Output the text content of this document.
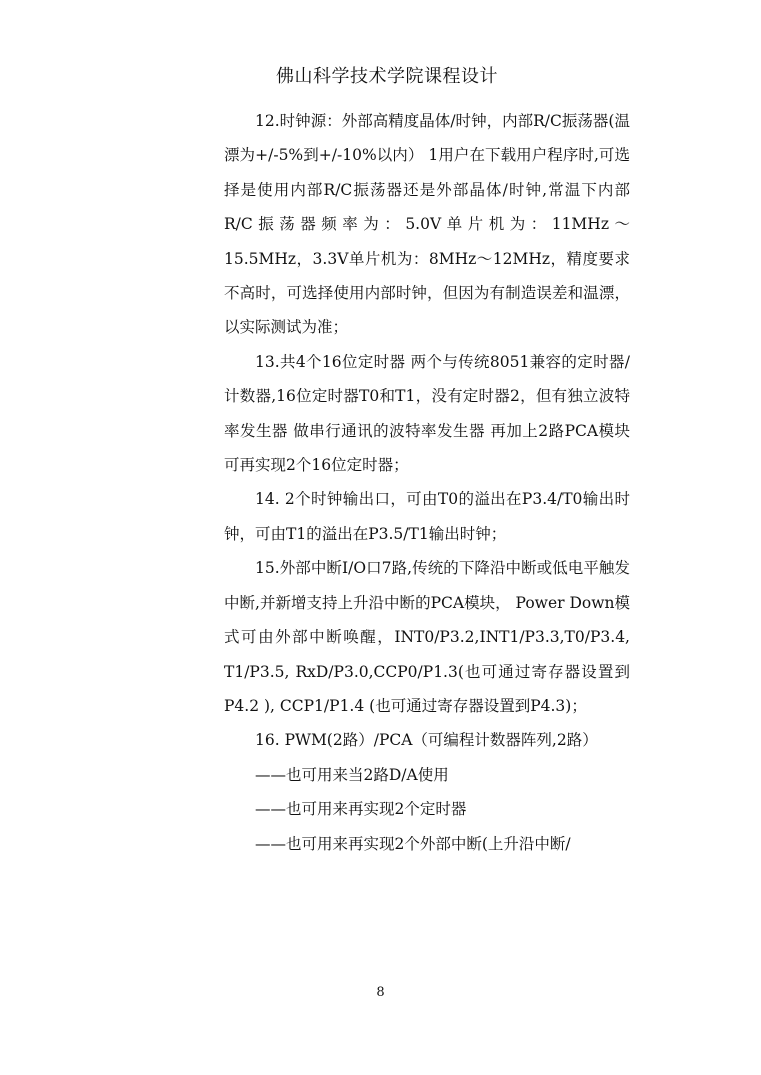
佛山科学技术学院课程设计

12.时钟源：外部高精度晶体/时钟，内部R/C振荡器(温漂为+/-5%到+/-10%以内） 1用户在下载用户程序时,可选择是使用内部R/C振荡器还是外部晶体/时钟,常温下内部R/C振荡器频率为：5.0V单片机为：11MHz～15.5MHz，3.3V单片机为：8MHz～12MHz，精度要求不高时，可选择使用内部时钟，但因为有制造误差和温漂，以实际测试为准；

13.共4个16位定时器 两个与传统8051兼容的定时器/计数器,16位定时器T0和T1，没有定时器2，但有独立波特率发生器 做串行通讯的波特率发生器 再加上2路PCA模块可再实现2个16位定时器；

14. 2个时钟输出口，可由T0的溢出在P3.4/T0输出时钟，可由T1的溢出在P3.5/T1输出时钟；

15.外部中断I/O口7路,传统的下降沿中断或低电平触发中断,并新增支持上升沿中断的PCA模块， Power Down模式可由外部中断唤醒，INT0/P3.2,INT1/P3.3,T0/P3.4, T1/P3.5, RxD/P3.0,CCP0/P1.3(也可通过寄存器设置到P4.2 ), CCP1/P1.4 (也可通过寄存器设置到P4.3)；

16. PWM(2路）/PCA（可编程计数器阵列,2路）

——也可用来当2路D/A使用

——也可用来再实现2个定时器

——也可用来再实现2个外部中断(上升沿中断/

8
